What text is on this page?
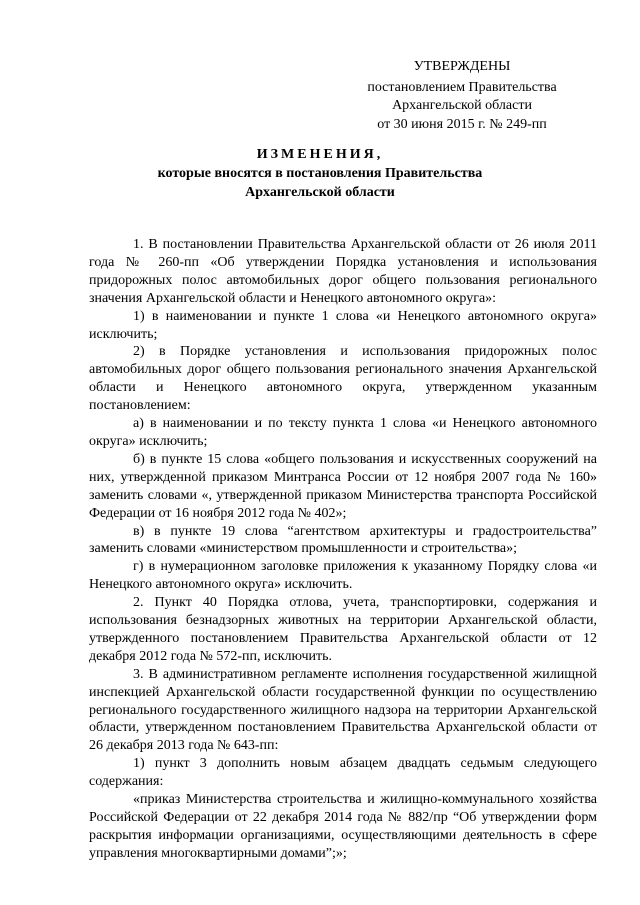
УТВЕРЖДЕНЫ
постановлением Правительства
Архангельской области
от 30 июня 2015 г. № 249-пп
ИЗМЕНЕНИЯ,
которые вносятся в постановления Правительства
Архангельской области

1. В постановлении Правительства Архангельской области от 26 июля 2011 года № 260-пп «Об утверждении Порядка установления и использования придорожных полос автомобильных дорог общего пользования регионального значения Архангельской области и Ненецкого автономного округа»:

1) в наименовании и пункте 1 слова «и Ненецкого автономного округа» исключить;

2) в Порядке установления и использования придорожных полос автомобильных дорог общего пользования регионального значения Архангельской области и Ненецкого автономного округа, утвержденном указанным постановлением:

а) в наименовании и по тексту пункта 1 слова «и Ненецкого автономного округа» исключить;

б) в пункте 15 слова «общего пользования и искусственных сооружений на них, утвержденной приказом Минтранса России от 12 ноября 2007 года № 160» заменить словами «, утвержденной приказом Министерства транспорта Российской Федерации от 16 ноября 2012 года № 402»;

в) в пункте 19 слова “агентством архитектуры и градостроительства” заменить словами «министерством промышленности и строительства»;

г) в нумерационном заголовке приложения к указанному Порядку слова «и Ненецкого автономного округа» исключить.

2. Пункт 40 Порядка отлова, учета, транспортировки, содержания и использования безнадзорных животных на территории Архангельской области, утвержденного постановлением Правительства Архангельской области от 12 декабря 2012 года № 572-пп, исключить.

3. В административном регламенте исполнения государственной жилищной инспекцией Архангельской области государственной функции по осуществлению регионального государственного жилищного надзора на территории Архангельской области, утвержденном постановлением Правительства Архангельской области от 26 декабря 2013 года № 643-пп:

1) пункт 3 дополнить новым абзацем двадцать седьмым следующего содержания:

«приказ Министерства строительства и жилищно-коммунального хозяйства Российской Федерации от 22 декабря 2014 года № 882/пр “Об утверждении форм раскрытия информации организациями, осуществляющими деятельность в сфере управления многоквартирными домами”;»;
